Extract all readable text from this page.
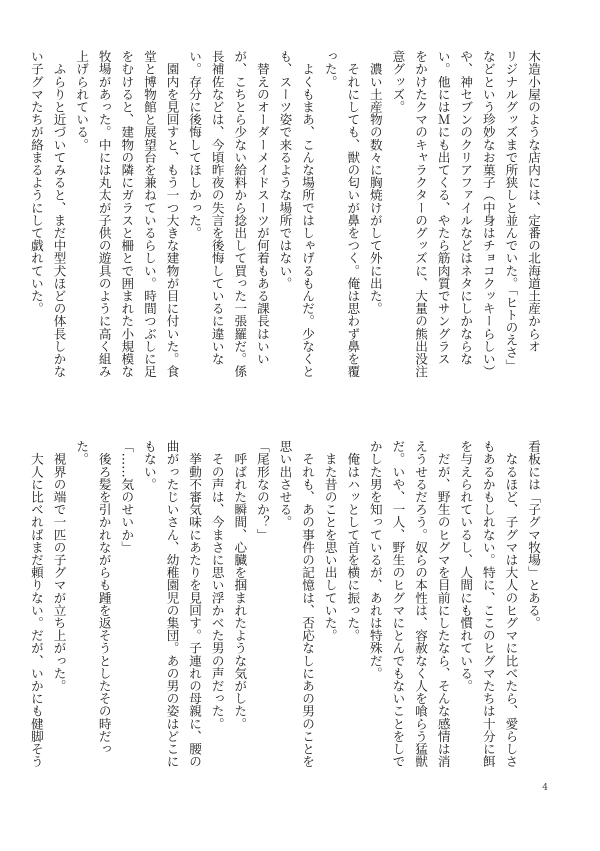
木造小屋のような店内には、定番の北海道土産からオ

リジナルグッズまで所狭しと並んでいた。「ヒトのえさ」

などという珍妙なお菓子（中身はチョコクッキーらしい）

や、神セブンのクリアファイルなどはネタにしかならな

い。他にはＭにも出てくる、やたら筋肉質でサングラス

をかけたクマのキャラクターのグッズに、大量の熊出没注

意グッズ。

　濃い土産物の数々に胸焼けがして外に出た。

　それにしても、獣の匂いが鼻をつく。俺は思わず鼻を覆

った。

　よくもまあ、こんな場所ではしゃげるもんだ。少なくと

も、スーツ姿で来るような場所ではない。

　替えのオーダーメイドスーツが何着もある課長はいい

が、こちとら少ない給料から捻出して買った一張羅だ。係

長補佐などは、今頃昨夜の失言を後悔しているに違いな

い。存分に後悔してほしかった。

　園内を見回すと、もう一つ大きな建物が目に付いた。食

堂と博物館と展望台を兼ねているらしい。時間つぶしに足

をむけると、建物の隣にガラスと柵とで囲まれた小規模な

牧場があった。中には丸太が子供の遊具のように高く組み

上げられている。

　ふらりと近づいてみると、まだ中型犬ほどの体長しかな

い子グマたちが絡まるようにして戯れていた。

看板には「子グマ牧場」とある。

　なるほど、子グマは大人のヒグマに比べたら、愛らしさ

もあるかもしれない。特に、ここのヒグマたちは十分に餌

を与えられているし、人間にも慣れている。

　だが、野生のヒグマを目前にしたなら、そんな感情は消

えうせるだろう。奴らの本性は、容赦なく人を喰らう猛獣

だ。いや、一人、野生のヒグマにとんでもないことをしで

かした男を知っているが、あれは特殊だ。

　俺はハッとして首を横に振った。

　また昔のことを思い出していた。

　それも、あの事件の記憶は、否応なしにあの男のことを

思い出させる。

「尾形なのか？」

　呼ばれた瞬間、心臓を掴まれたような気がした。

　その声は、今まさに思い浮かべた男の声だった。

　挙動不審気味にあたりを見回す。子連れの母親に、腰の

曲がったじいさん、幼稚園児の集団。あの男の姿はどこに

もない。

「……気のせいか」

　後ろ髪を引かれながらも踵を返そうとしたその時だっ

た。

　視界の端で一匹の子グマが立ち上がった。

　大人に比べればまだ頼りない。だが、いかにも健脚そう

4
